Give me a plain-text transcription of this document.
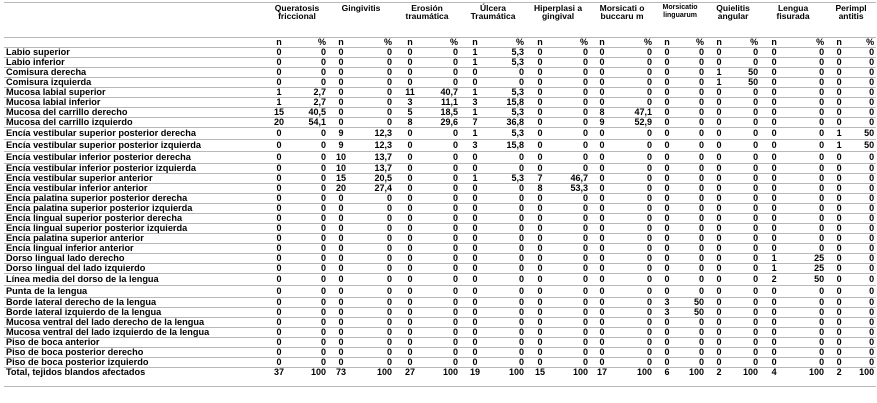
	Queratosis friccional		Gingivitis		Erosión traumática		Úlcera Traumática		Hiperplasi a gingival		Morsicati o buccaru m		Morsicatio linguarum		Quielitis angular		Lengua fisurada		Perimpl antitis	
	n	%	n	%	n	%	n	%	n	%	n	%	n	%	n	%	n	%	n	%
Labio superior	0	0	0	0	0	0	1	5,3	0	0	0	0	0	0	0	0	0	0	0	0
Labio inferior	0	0	0	0	0	0	1	5,3	0	0	0	0	0	0	0	0	0	0	0	0
Comisura derecha	0	0	0	0	0	0	0	0	0	0	0	0	0	0	1	50	0	0	0	0
Comisura izquierda	0	0	0	0	0	0	0	0	0	0	0	0	0	0	1	50	0	0	0	0
Mucosa labial superior	1	2,7	0	0	11	40,7	1	5,3	0	0	0	0	0	0	0	0	0	0	0	0
Mucosa labial inferior	1	2,7	0	0	3	11,1	3	15,8	0	0	0	0	0	0	0	0	0	0	0	0
Mucosa del carrillo derecho	15	40,5	0	0	5	18,5	1	5,3	0	0	8	47,1	0	0	0	0	0	0	0	0
Mucosa del carrillo izquierdo	20	54,1	0	0	8	29,6	7	36,8	0	0	9	52,9	0	0	0	0	0	0	0	0
Encía vestibular superior posterior derecha	0	0	9	12,3	0	0	1	5,3	0	0	0	0	0	0	0	0	0	0	1	50
Encía vestibular superior posterior izquierda	0	0	9	12,3	0	0	3	15,8	0	0	0	0	0	0	0	0	0	0	1	50
Encía vestibular inferior posterior derecha	0	0	10	13,7	0	0	0	0	0	0	0	0	0	0	0	0	0	0	0	0
Encía vestibular inferior posterior izquierda	0	0	10	13,7	0	0	0	0	0	0	0	0	0	0	0	0	0	0	0	0
Encía vestibular superior anterior	0	0	15	20,5	0	0	1	5,3	7	46,7	0	0	0	0	0	0	0	0	0	0
Encía vestibular inferior anterior	0	0	20	27,4	0	0	0	0	8	53,3	0	0	0	0	0	0	0	0	0	0
Encía palatina superior posterior derecha	0	0	0	0	0	0	0	0	0	0	0	0	0	0	0	0	0	0	0	0
Encía palatina superior posterior izquierda	0	0	0	0	0	0	0	0	0	0	0	0	0	0	0	0	0	0	0	0
Encía lingual superior posterior derecha	0	0	0	0	0	0	0	0	0	0	0	0	0	0	0	0	0	0	0	0
Encía lingual superior posterior izquierda	0	0	0	0	0	0	0	0	0	0	0	0	0	0	0	0	0	0	0	0
Encía palatina superior anterior	0	0	0	0	0	0	0	0	0	0	0	0	0	0	0	0	0	0	0	0
Encía lingual inferior anterior	0	0	0	0	0	0	0	0	0	0	0	0	0	0	0	0	0	0	0	0
Dorso lingual lado derecho	0	0	0	0	0	0	0	0	0	0	0	0	0	0	0	0	1	25	0	0
Dorso lingual del lado izquierdo	0	0	0	0	0	0	0	0	0	0	0	0	0	0	0	0	1	25	0	0
Línea media del dorso de la lengua	0	0	0	0	0	0	0	0	0	0	0	0	0	0	0	0	2	50	0	0
Punta de la lengua	0	0	0	0	0	0	0	0	0	0	0	0	0	0	0	0	0	0	0	0
Borde lateral derecho de la lengua	0	0	0	0	0	0	0	0	0	0	0	0	3	50	0	0	0	0	0	0
Borde lateral izquierdo de la lengua	0	0	0	0	0	0	0	0	0	0	0	0	3	50	0	0	0	0	0	0
Mucosa ventral del lado derecho de la lengua	0	0	0	0	0	0	0	0	0	0	0	0	0	0	0	0	0	0	0	0
Mucosa ventral del lado izquierdo de la lengua	0	0	0	0	0	0	0	0	0	0	0	0	0	0	0	0	0	0	0	0
Piso de boca anterior	0	0	0	0	0	0	0	0	0	0	0	0	0	0	0	0	0	0	0	0
Piso de boca posterior derecho	0	0	0	0	0	0	0	0	0	0	0	0	0	0	0	0	0	0	0	0
Piso de boca posterior izquierdo	0	0	0	0	0	0	0	0	0	0	0	0	0	0	0	0	0	0	0	0
Total, tejidos blandos afectados	37	100	73	100	27	100	19	100	15	100	17	100	6	100	2	100	4	100	2	100
